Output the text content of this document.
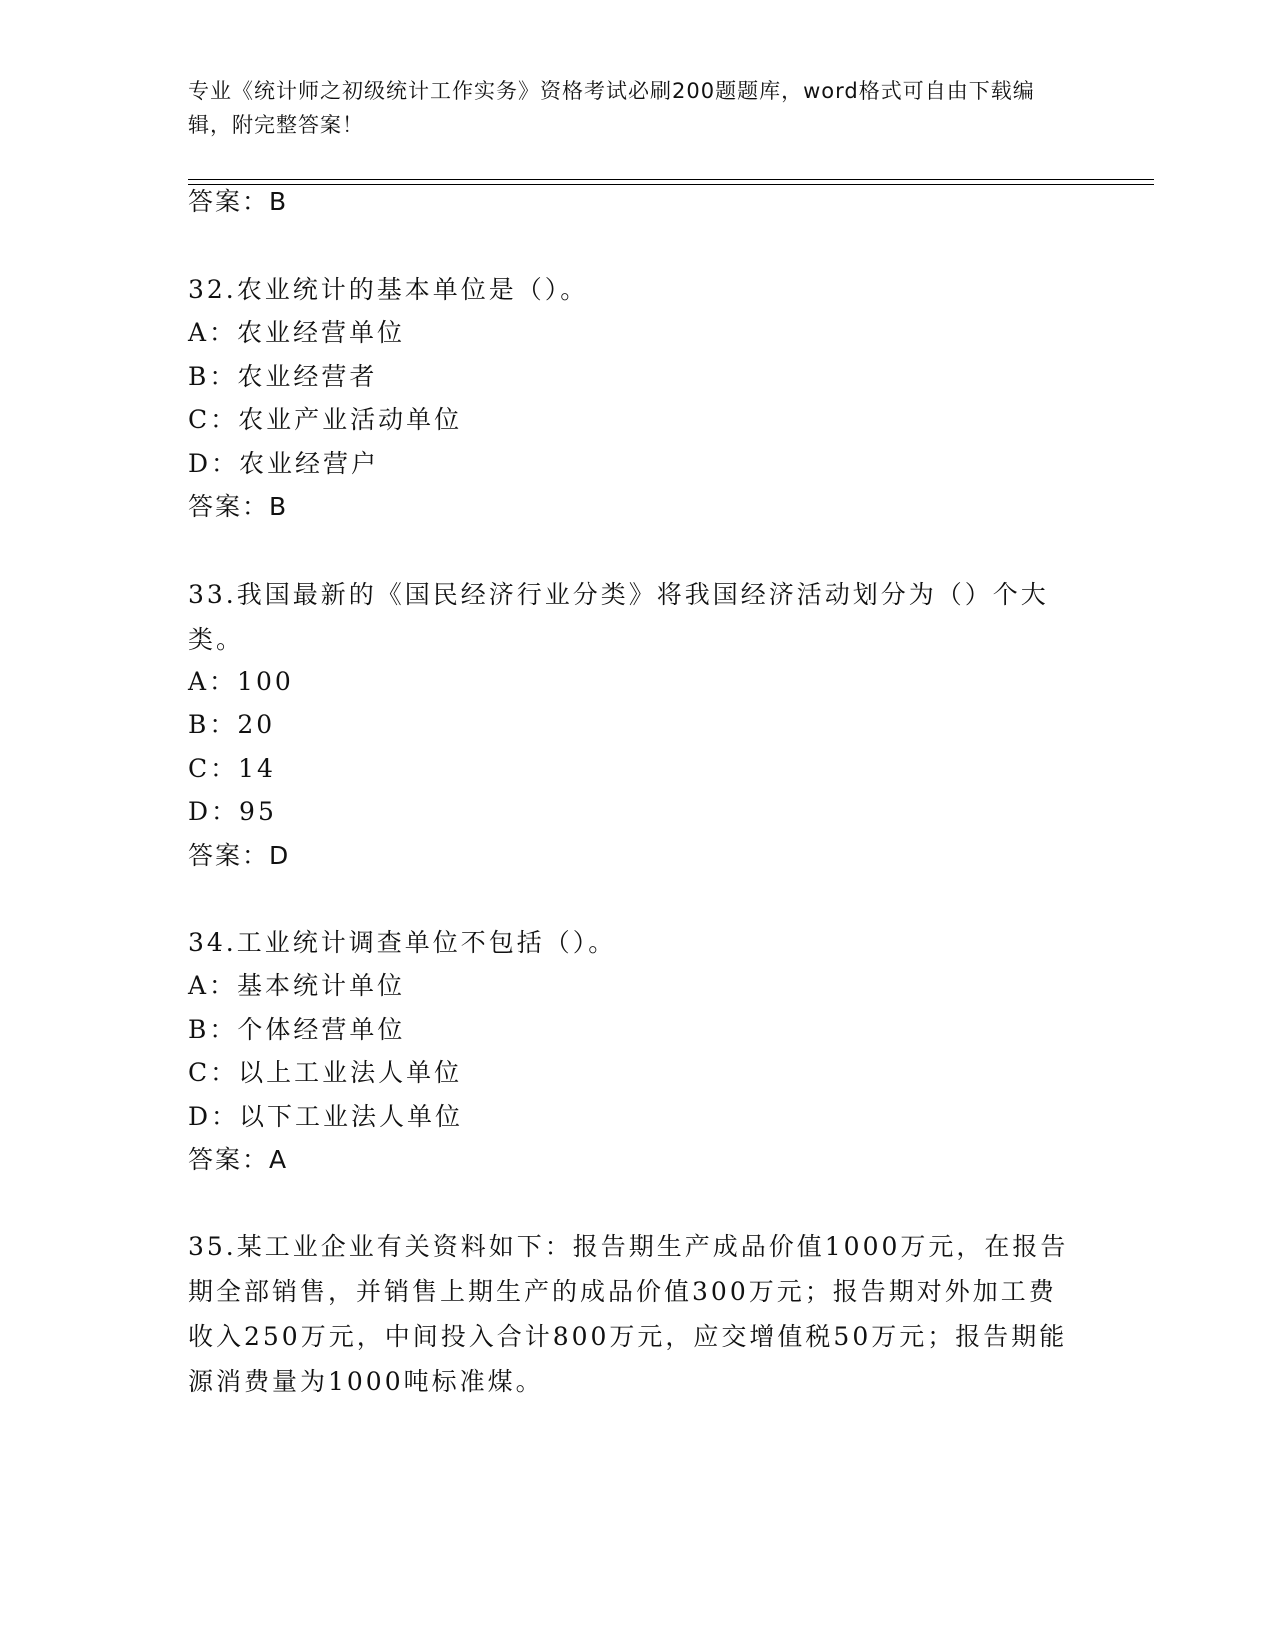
专业《统计师之初级统计工作实务》资格考试必刷200题题库，word格式可自由下载编辑，附完整答案！
答案：B
32.农业统计的基本单位是（）。
A：农业经营单位
B：农业经营者
C：农业产业活动单位
D：农业经营户
答案：B
33.我国最新的《国民经济行业分类》将我国经济活动划分为（）个大类。
A：100
B：20
C：14
D：95
答案：D
34.工业统计调查单位不包括（）。
A：基本统计单位
B：个体经营单位
C：以上工业法人单位
D：以下工业法人单位
答案：A
35.某工业企业有关资料如下：报告期生产成品价值1000万元，在报告期全部销售，并销售上期生产的成品价值300万元；报告期对外加工费收入250万元，中间投入合计800万元，应交增值税50万元；报告期能源消费量为1000吨标准煤。
